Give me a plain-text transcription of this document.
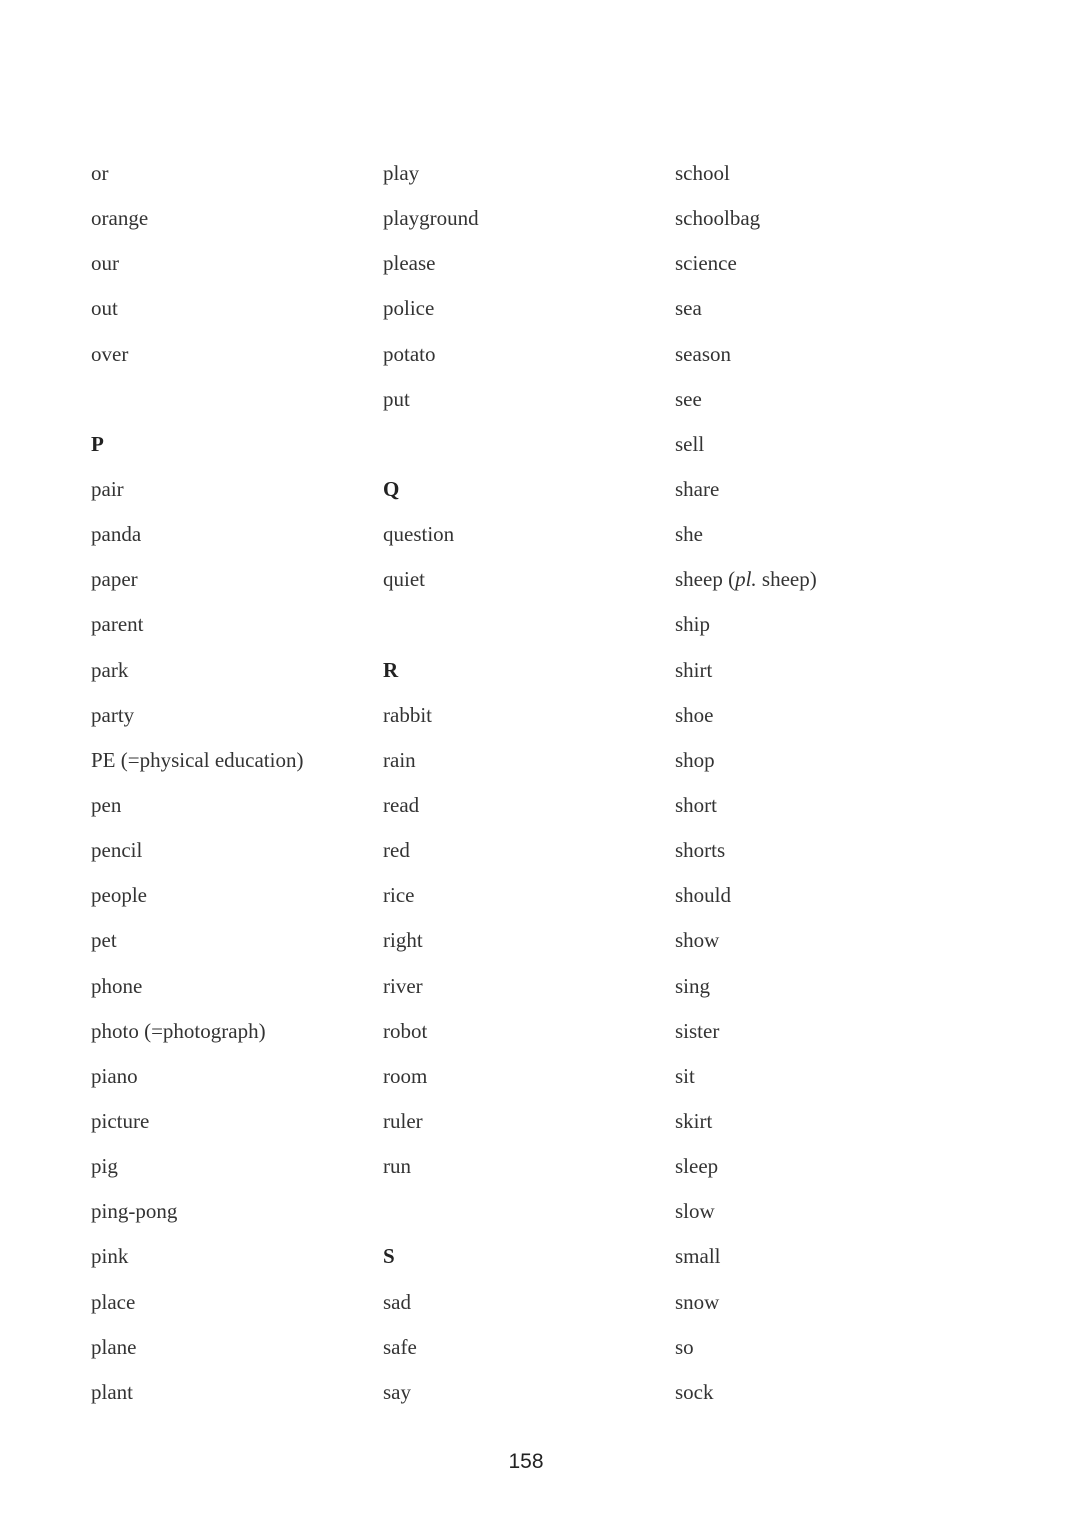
or
orange
our
out
over
P
pair
panda
paper
parent
park
party
PE (=physical education)
pen
pencil
people
pet
phone
photo (=photograph)
piano
picture
pig
ping-pong
pink
place
plane
plant
play
playground
please
police
potato
put
Q
question
quiet
R
rabbit
rain
read
red
rice
right
river
robot
room
ruler
run
S
sad
safe
say
school
schoolbag
science
sea
season
see
sell
share
she
sheep (pl. sheep)
ship
shirt
shoe
shop
short
shorts
should
show
sing
sister
sit
skirt
sleep
slow
small
snow
so
sock
158
